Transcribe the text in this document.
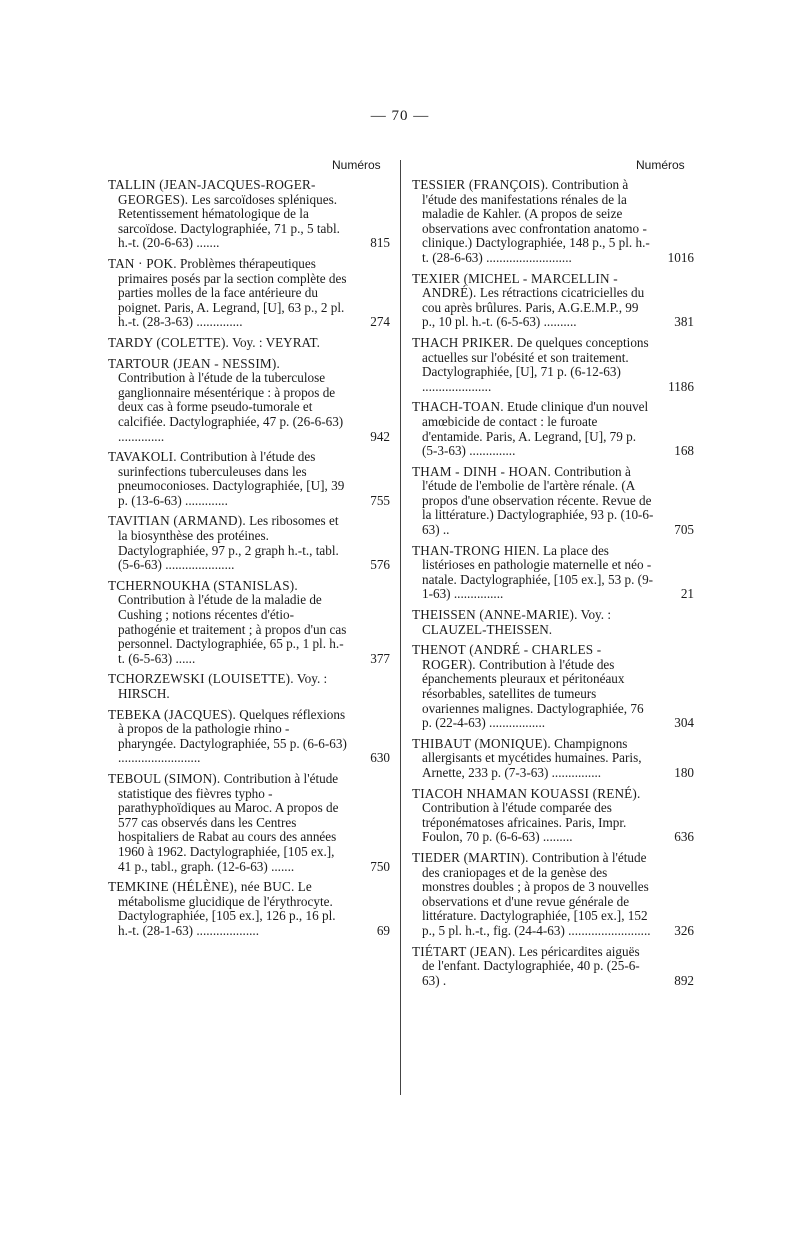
— 70 —
Numéros	Numéros
TALLIN (JEAN-JACQUES-ROGER-GEORGES). Les sarcoïdoses spléniques. Retentissement hématologique de la sarcoïdose. Dactylographiée, 71 p., 5 tabl. h.-t. (20-6-63) .......	815
TAN · POK. Problèmes thérapeutiques primaires posés par la section complète des parties molles de la face antérieure du poignet. Paris, A. Legrand, [U], 63 p., 2 pl. h.-t. (28-3-63) ..............	274
TARDY (COLETTE). Voy. : VEYRAT.
TARTOUR (JEAN - NESSIM). Contribution à l'étude de la tuberculose ganglionnaire mésentérique : à propos de deux cas à forme pseudo-tumorale et calcifiée. Dactylographiée, 47 p. (26-6-63) ..............	942
TAVAKOLI. Contribution à l'étude des surinfections tuberculeuses dans les pneumoconioses. Dactylographiée, [U], 39 p. (13-6-63) .............	755
TAVITIAN (ARMAND). Les ribosomes et la biosynthèse des protéines. Dactylographiée, 97 p., 2 graph h.-t., tabl. (5-6-63) .....................	576
TCHERNOUKHA (STANISLAS). Contribution à l'étude de la maladie de Cushing ; notions récentes d'étio-pathogénie et traitement ; à propos d'un cas personnel. Dactylographiée, 65 p., 1 pl. h.-t. (6-5-63) ......	377
TCHORZEWSKI (LOUISETTE). Voy. : HIRSCH.
TEBEKA (JACQUES). Quelques réflexions à propos de la pathologie rhino - pharyngée. Dactylographiée, 55 p. (6-6-63) .........................	630
TEBOUL (SIMON). Contribution à l'étude statistique des fièvres typho - parathyphoïdiques au Maroc. A propos de 577 cas observés dans les Centres hospitaliers de Rabat au cours des années 1960 à 1962. Dactylographiée, [105 ex.], 41 p., tabl., graph. (12-6-63) .......	750
TEMKINE (HÉLÈNE), née BUC. Le métabolisme glucidique de l'érythrocyte. Dactylographiée, [105 ex.], 126 p., 16 pl. h.-t. (28-1-63) ...................	69
TESSIER (FRANÇOIS). Contribution à l'étude des manifestations rénales de la maladie de Kahler. (A propos de seize observations avec confrontation anatomo - clinique.) Dactylographiée, 148 p., 5 pl. h.-t. (28-6-63) ..........................	1016
TEXIER (MICHEL - MARCELLIN - ANDRÉ). Les rétractions cicatricielles du cou après brûlures. Paris, A.G.E.M.P., 99 p., 10 pl. h.-t. (6-5-63) ..........	381
THACH PRIKER. De quelques conceptions actuelles sur l'obésité et son traitement. Dactylographiée, [U], 71 p. (6-12-63) .....................	1186
THACH-TOAN. Etude clinique d'un nouvel amœbicide de contact : le furoate d'entamide. Paris, A. Legrand, [U], 79 p. (5-3-63) ..............	168
THAM - DINH - HOAN. Contribution à l'étude de l'embolie de l'artère rénale. (A propos d'une observation récente. Revue de la littérature.) Dactylographiée, 93 p. (10-6-63) ..	705
THAN-TRONG HIEN. La place des listérioses en pathologie maternelle et néo - natale. Dactylographiée, [105 ex.], 53 p. (9-1-63) ...............	21
THEISSEN (ANNE-MARIE). Voy. : CLAUZEL-THEISSEN.
THENOT (ANDRÉ - CHARLES - ROGER). Contribution à l'étude des épanchements pleuraux et péritonéaux résorbables, satellites de tumeurs ovariennes malignes. Dactylographiée, 76 p. (22-4-63) .................	304
THIBAUT (MONIQUE). Champignons allergisants et mycétides humaines. Paris, Arnette, 233 p. (7-3-63) ...............	180
TIACOH NHAMAN KOUASSI (RENÉ). Contribution à l'étude comparée des tréponématoses africaines. Paris, Impr. Foulon, 70 p. (6-6-63) .........	636
TIEDER (MARTIN). Contribution à l'étude des craniopages et de la genèse des monstres doubles ; à propos de 3 nouvelles observations et d'une revue générale de littérature. Dactylographiée, [105 ex.], 152 p., 5 pl. h.-t., fig. (24-4-63) ......................... 326
TIÉTART (JEAN). Les péricardites aiguës de l'enfant. Dactylographiée, 40 p. (25-6-63) .	892
